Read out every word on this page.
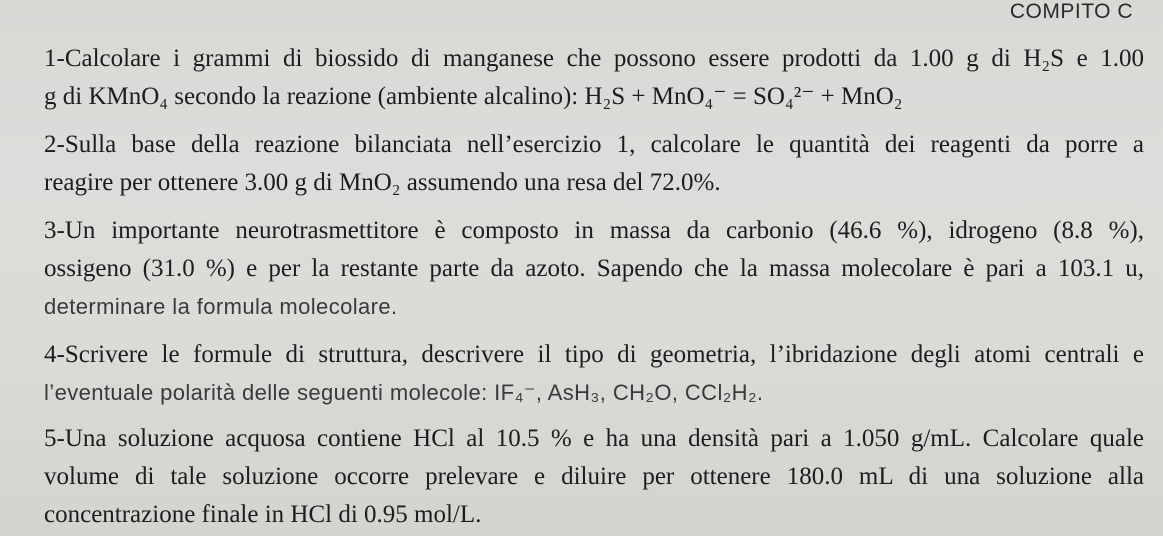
COMPITO C
1-Calcolare i grammi di biossido di manganese che possono essere prodotti da 1.00 g di H₂S e 1.00
g di KMnO₄ secondo la reazione (ambiente alcalino): H₂S + MnO₄⁻ = SO₄²⁻ + MnO₂
2-Sulla base della reazione bilanciata nell’esercizio 1, calcolare le quantità dei reagenti da porre a
reagire per ottenere 3.00 g di MnO₂ assumendo una resa del 72.0%.
3-Un importante neurotrasmettitore è composto in massa da carbonio (46.6 %), idrogeno (8.8 %),
ossigeno (31.0 %) e per la restante parte da azoto. Sapendo che la massa molecolare è pari a 103.1 u,
determinare la formula molecolare.
4-Scrivere le formule di struttura, descrivere il tipo di geometria, l’ibridazione degli atomi centrali e
l’eventuale polarità delle seguenti molecole: IF₄⁻, AsH₃, CH₂O, CCl₂H₂.
5-Una soluzione acquosa contiene HCl al 10.5 % e ha una densità pari a 1.050 g/mL. Calcolare quale
volume di tale soluzione occorre prelevare e diluire per ottenere 180.0 mL di una soluzione alla
concentrazione finale in HCl di 0.95 mol/L.
